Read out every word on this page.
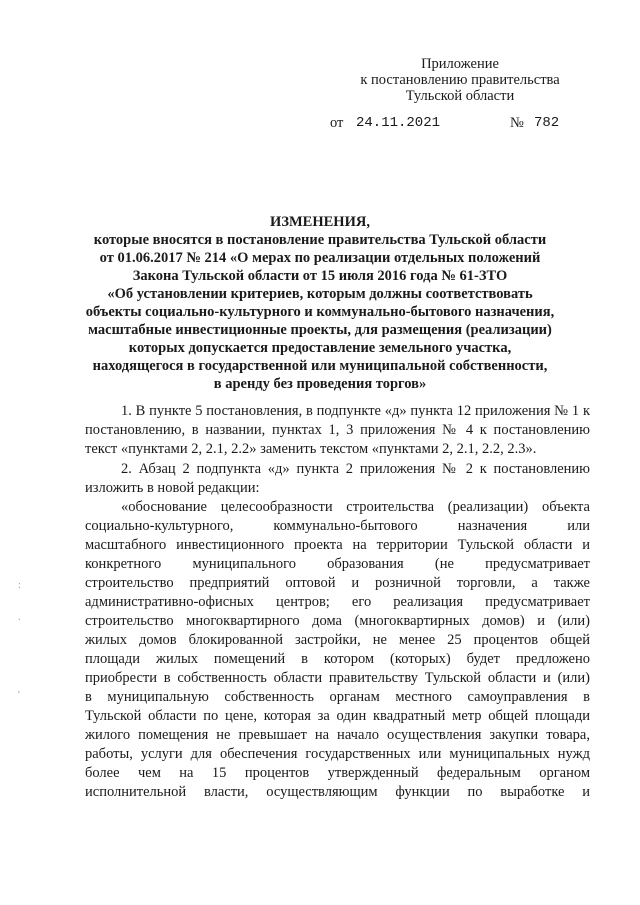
Приложение
к постановлению правительства
Тульской области
от 24.11.2021	№ 782
ИЗМЕНЕНИЯ,
которые вносятся в постановление правительства Тульской области
от 01.06.2017 № 214 «О мерах по реализации отдельных положений
Закона Тульской области от 15 июля 2016 года № 61-ЗТО
«Об установлении критериев, которым должны соответствовать
объекты социально-культурного и коммунально-бытового назначения,
масштабные инвестиционные проекты, для размещения (реализации)
которых допускается предоставление земельного участка,
находящегося в государственной или муниципальной собственности,
в аренду без проведения торгов»

1. В пункте 5 постановления, в подпункте «д» пункта 12 приложения № 1 к постановлению, в названии, пунктах 1, 3 приложения № 4 к постановлению текст «пунктами 2, 2.1, 2.2» заменить текстом «пунктами 2, 2.1, 2.2, 2.3».

2. Абзац 2 подпункта «д» пункта 2 приложения № 2 к постановлению изложить в новой редакции:

«обоснование целесообразности строительства (реализации) объекта
социально-культурного, коммунально-бытового назначения или
масштабного инвестиционного проекта на территории Тульской области и
конкретного муниципального образования (не предусматривает
строительство предприятий оптовой и розничной торговли, а также
административно-офисных центров; его реализация предусматривает
строительство многоквартирного дома (многоквартирных домов) и (или)
жилых домов блокированной застройки, не менее 25 процентов общей
площади жилых помещений в котором (которых) будет предложено
приобрести в собственность области правительству Тульской области и (или)
в муниципальную собственность органам местного самоуправления в
Тульской области по цене, которая за один квадратный метр общей площади
жилого помещения не превышает на начало осуществления закупки товара,
работы, услуги для обеспечения государственных или муниципальных нужд
более чем на 15 процентов утвержденный федеральным органом
исполнительной власти, осуществляющим функции по выработке и
:
.
'
